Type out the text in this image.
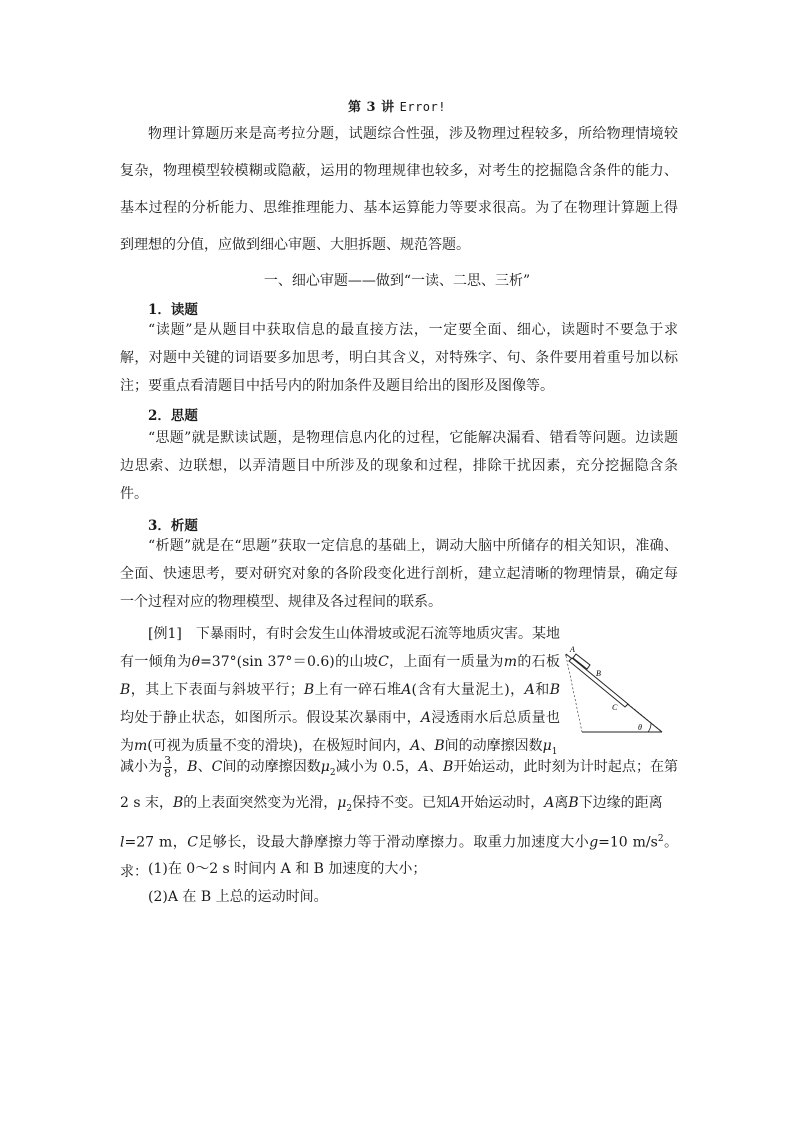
第 3 讲 Error!

物理计算题历来是高考拉分题，试题综合性强，涉及物理过程较多，所给物理情境较复杂，物理模型较模糊或隐蔽，运用的物理规律也较多，对考生的挖掘隐含条件的能力、基本过程的分析能力、思维推理能力、基本运算能力等要求很高。为了在物理计算题上得到理想的分值，应做到细心审题、大胆拆题、规范答题。

一、细心审题——做到“一读、二思、三析”
1．读题

“读题”是从题目中获取信息的最直接方法，一定要全面、细心，读题时不要急于求解，对题中关键的词语要多加思考，明白其含义，对特殊字、句、条件要用着重号加以标注；要重点看清题目中括号内的附加条件及题目给出的图形及图像等。

2．思题

“思题”就是默读试题，是物理信息内化的过程，它能解决漏看、错看等问题。边读题边思索、边联想，以弄清题目中所涉及的现象和过程，排除干扰因素，充分挖掘隐含条件。

3．析题

“析题”就是在“思题”获取一定信息的基础上，调动大脑中所储存的相关知识，准确、全面、快速思考，要对研究对象的各阶段变化进行剖析，建立起清晰的物理情景，确定每一个过程对应的物理模型、规律及各过程间的联系。

[例1]　 下暴雨时，有时会发生山体滑坡或泥石流等地质灾害。某地有一倾角为θ=37°(sin 37°＝0.6)的山坡C，上面有一质量为m的石板B，其上下表面与斜坡平行；B上有一碎石堆A(含有大量泥土)，A和B均处于静止状态，如图所示。假设某次暴雨中，A浸透雨水后总质量也为m(可视为质量不变的滑块)，在极短时间内，A、B间的动摩擦因数$\mu_1$

减小为 $\frac{3}{8}$ ，B、C间的动摩擦因数$\mu_2$减小为 0.5，A、B开始运动，此时刻为计时起点；在第 2 s 末，B的上表面突然变为光滑，$\mu_2$保持不变。已知A开始运动时，A离B下边缘的距离
l=27 m，C足够长，设最大静摩擦力等于滑动摩擦力。取重力加速度大小g=10 $m/s^2$。求： (1)在 0～2 s 时间内 A 和 B 加速度的大小；
(2)A 在 B 上总的运动时间。
A
B
C
θ
